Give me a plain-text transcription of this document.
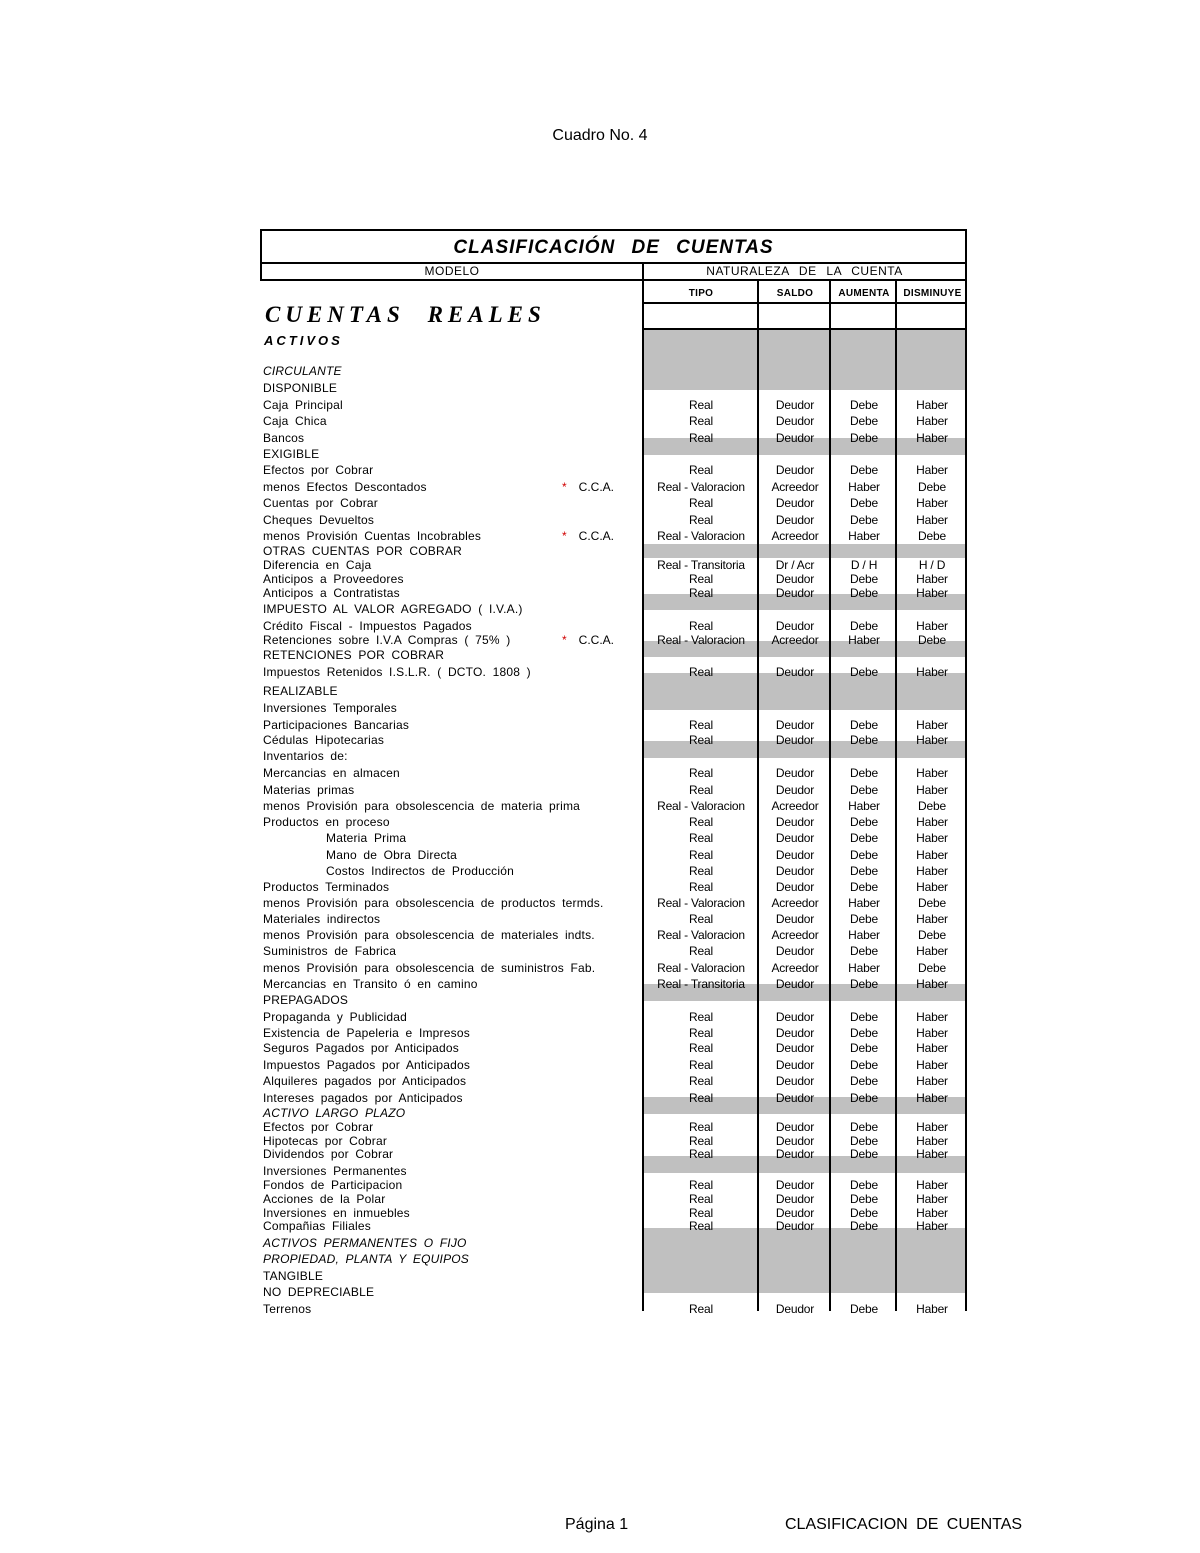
Cuadro No. 4
CLASIFICACIÓN DE CUENTAS
MODELO	NATURALEZA DE LA CUENTA
TIPO	SALDO	AUMENTA	DISMINUYE
CUENTAS REALES
ACTIVOS
CIRCULANTE
DISPONIBLE
Caja Principal	Real	Deudor	Debe	Haber
Caja Chica	Real	Deudor	Debe	Haber
Bancos	Real	Deudor	Debe	Haber
EXIGIBLE
Efectos por Cobrar	Real	Deudor	Debe	Haber
menos Efectos Descontados	* C.C.A.	Real - Valoracion	Acreedor	Haber	Debe
Cuentas por Cobrar	Real	Deudor	Debe	Haber
Cheques Devueltos	Real	Deudor	Debe	Haber
menos Provisión Cuentas Incobrables	* C.C.A.	Real - Valoracion	Acreedor	Haber	Debe
OTRAS CUENTAS POR COBRAR
Diferencia en Caja	Real - Transitoria	Dr / Acr	D / H	H / D
Anticipos a Proveedores	Real	Deudor	Debe	Haber
Anticipos a Contratistas	Real	Deudor	Debe	Haber
IMPUESTO AL VALOR AGREGADO ( I.V.A.)
Crédito Fiscal - Impuestos Pagados	Real	Deudor	Debe	Haber
Retenciones sobre I.V.A Compras ( 75% )	* C.C.A.	Real - Valoracion	Acreedor	Haber	Debe
RETENCIONES POR COBRAR
Impuestos Retenidos I.S.L.R. ( DCTO. 1808 )	Real	Deudor	Debe	Haber
REALIZABLE
Inversiones Temporales
Participaciones Bancarias	Real	Deudor	Debe	Haber
Cédulas Hipotecarias	Real	Deudor	Debe	Haber
Inventarios de:
Mercancias en almacen	Real	Deudor	Debe	Haber
Materias primas	Real	Deudor	Debe	Haber
menos Provisión para obsolescencia de materia prima	Real - Valoracion	Acreedor	Haber	Debe
Productos en proceso	Real	Deudor	Debe	Haber
Materia Prima	Real	Deudor	Debe	Haber
Mano de Obra Directa	Real	Deudor	Debe	Haber
Costos Indirectos de Producción	Real	Deudor	Debe	Haber
Productos Terminados	Real	Deudor	Debe	Haber
menos Provisión para obsolescencia de productos termds.	Real - Valoracion	Acreedor	Haber	Debe
Materiales indirectos	Real	Deudor	Debe	Haber
menos Provisión para obsolescencia de materiales indts.	Real - Valoracion	Acreedor	Haber	Debe
Suministros de Fabrica	Real	Deudor	Debe	Haber
menos Provisión para obsolescencia de suministros Fab.	Real - Valoracion	Acreedor	Haber	Debe
Mercancias en Transito ó en camino	Real - Transitoria	Deudor	Debe	Haber
PREPAGADOS
Propaganda y Publicidad	Real	Deudor	Debe	Haber
Existencia de Papeleria e Impresos	Real	Deudor	Debe	Haber
Seguros Pagados por Anticipados	Real	Deudor	Debe	Haber
Impuestos Pagados por Anticipados	Real	Deudor	Debe	Haber
Alquileres pagados por Anticipados	Real	Deudor	Debe	Haber
Intereses pagados por Anticipados	Real	Deudor	Debe	Haber
ACTIVO LARGO PLAZO
Efectos por Cobrar	Real	Deudor	Debe	Haber
Hipotecas por Cobrar	Real	Deudor	Debe	Haber
Dividendos por Cobrar	Real	Deudor	Debe	Haber
Inversiones Permanentes
Fondos de Participacion	Real	Deudor	Debe	Haber
Acciones de la Polar	Real	Deudor	Debe	Haber
Inversiones en inmuebles	Real	Deudor	Debe	Haber
Compañias Filiales	Real	Deudor	Debe	Haber
ACTIVOS PERMANENTES O FIJO
PROPIEDAD, PLANTA Y EQUIPOS
TANGIBLE
NO DEPRECIABLE
Terrenos	Real	Deudor	Debe	Haber
Página 1	CLASIFICACION DE CUENTAS
